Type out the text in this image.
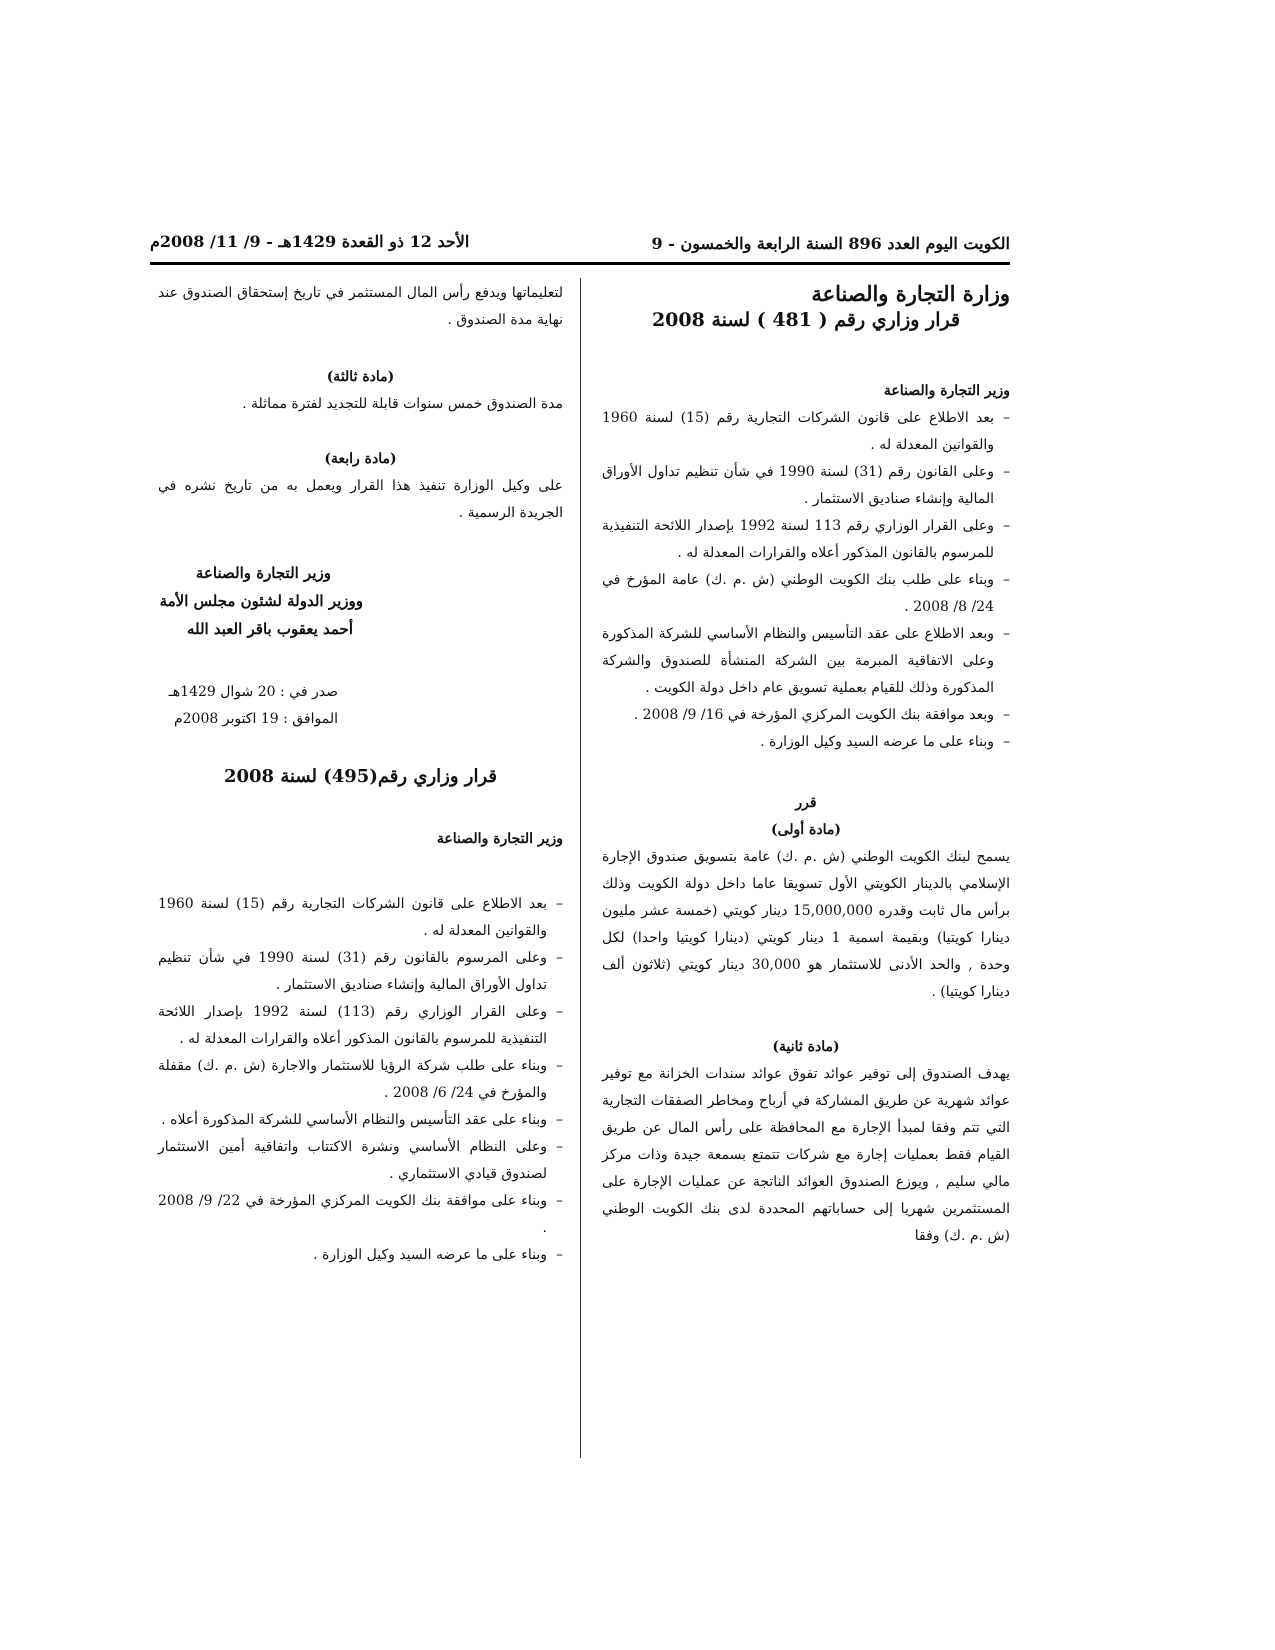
الكويت اليوم العدد 896 السنة الرابعة والخمسون - 9
الأحد 12 ذو القعدة 1429هـ - 9/ 11/ 2008م

وزارة التجارة والصناعة

قرار وزاري رقم ( 481 ) لسنة 2008

وزير التجارة والصناعة

– بعد الاطلاع على قانون الشركات التجارية رقم (15) لسنة 1960 والقوانين المعدلة له .

– وعلى القانون رقم (31) لسنة 1990 في شأن تنظيم تداول الأوراق المالية وإنشاء صناديق الاستثمار .

– وعلى القرار الوزاري رقم 113 لسنة 1992 بإصدار اللائحة التنفيذية للمرسوم بالقانون المذكور أعلاه والقرارات المعدلة له .

– وبناء على طلب بنك الكويت الوطني (ش .م .ك) عامة المؤرخ في 24/ 8/ 2008 .

– وبعد الاطلاع على عقد التأسيس والنظام الأساسي للشركة المذكورة وعلى الاتفاقية المبرمة بين الشركة المنشأة للصندوق والشركة المذكورة وذلك للقيام بعملية تسويق عام داخل دولة الكويت .

– وبعد موافقة بنك الكويت المركزي المؤرخة في 16/ 9/ 2008 .

– وبناء على ما عرضه السيد وكيل الوزارة .

قرر

(مادة أولى)

يسمح لبنك الكويت الوطني (ش .م .ك) عامة بتسويق صندوق الإجارة الإسلامي بالدينار الكويتي الأول تسويقا عاما داخل دولة الكويت وذلك برأس مال ثابت وقدره 15,000,000 دينار كويتي (خمسة عشر مليون دينارا كويتيا) وبقيمة اسمية 1 دينار كويتي (دينارا كويتيا واحدا) لكل وحدة , والحد الأدنى للاستثمار هو 30,000 دينار كويتي (ثلاثون ألف دينارا كويتيا) .

(مادة ثانية)

يهدف الصندوق إلى توفير عوائد تفوق عوائد سندات الخزانة مع توفير عوائد شهرية عن طريق المشاركة في أرباح ومخاطر الصفقات التجارية التي تتم وفقا لمبدأ الإجارة مع المحافظة على رأس المال عن طريق القيام فقط بعمليات إجارة مع شركات تتمتع بسمعة جيدة وذات مركز مالي سليم , ويوزع الصندوق العوائد الناتجة عن عمليات الإجارة على المستثمرين شهريا إلى حساباتهم المحددة لدى بنك الكويت الوطني (ش .م .ك) وفقا

لتعليماتها ويدفع رأس المال المستثمر في تاريخ إستحقاق الصندوق عند نهاية مدة الصندوق .

(مادة ثالثة)

مدة الصندوق خمس سنوات قابلة للتجديد لفترة مماثلة .

(مادة رابعة)

على وكيل الوزارة تنفيذ هذا القرار ويعمل به من تاريخ نشره في الجريدة الرسمية .

وزير التجارة والصناعة

ووزير الدولة لشئون مجلس الأمة

أحمد يعقوب باقر العبد الله

صدر في : 20 شوال 1429هـ

الموافق : 19 اكتوبر 2008م

قرار وزاري رقم(495) لسنة 2008

وزير التجارة والصناعة

– بعد الاطلاع على قانون الشركات التجارية رقم (15) لسنة 1960 والقوانين المعدلة له .

– وعلى المرسوم بالقانون رقم (31) لسنة 1990 في شأن تنظيم تداول الأوراق المالية وإنشاء صناديق الاستثمار .

– وعلى القرار الوزاري رقم (113) لسنة 1992 بإصدار اللائحة التنفيذية للمرسوم بالقانون المذكور أعلاه والقرارات المعدلة له .

– وبناء على طلب شركة الرؤيا للاستثمار والاجارة (ش .م .ك) مقفلة والمؤرخ في 24/ 6/ 2008 .

– وبناء على عقد التأسيس والنظام الأساسي للشركة المذكورة أعلاه .

– وعلى النظام الأساسي ونشرة الاكتتاب واتفاقية أمين الاستثمار لصندوق قيادي الاستثماري .

– وبناء على موافقة بنك الكويت المركزي المؤرخة في 22/ 9/ 2008 .

– وبناء على ما عرضه السيد وكيل الوزارة .
